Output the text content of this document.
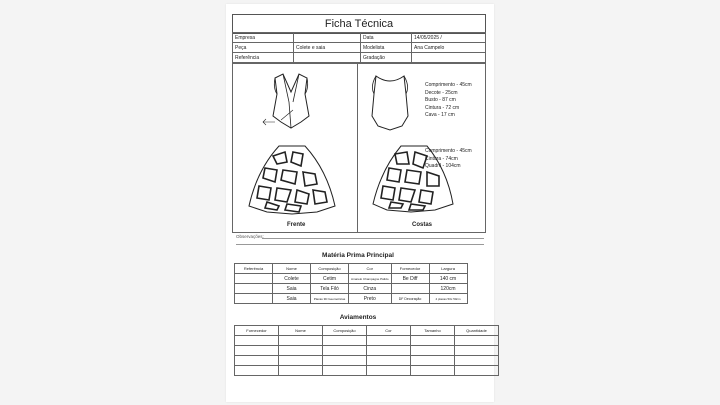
Ficha Técnica
Empresa		Data	14/05/2025 /
Peça	Colete e saia	Modelista	Ana Campelo
Referência		Gradação	
Comprimento - 45cm
Decote - 25cm
Busto - 87 cm
Cintura - 72 cm
Cava - 17 cm
Comprimento - 45cm
Cintura - 74cm
Quadril - 104cm
Frente	Costas
Observações:
Matéria Prima Principal
Referência	Nome	Composição	Cor	Fornecedor	Largura
	Colete	Cetim	Amarelo Champagne Pálido	Be Diff	140 cm
	Saia	Tela Filó	Cinza		120cm
	Saia	Placas 3D Geométricas	Preto	DF Decoração	4 placas 50x 50cm
Aviamentos
Fornecedor	Nome	Composição	Cor	Tamanho	Quantidade
